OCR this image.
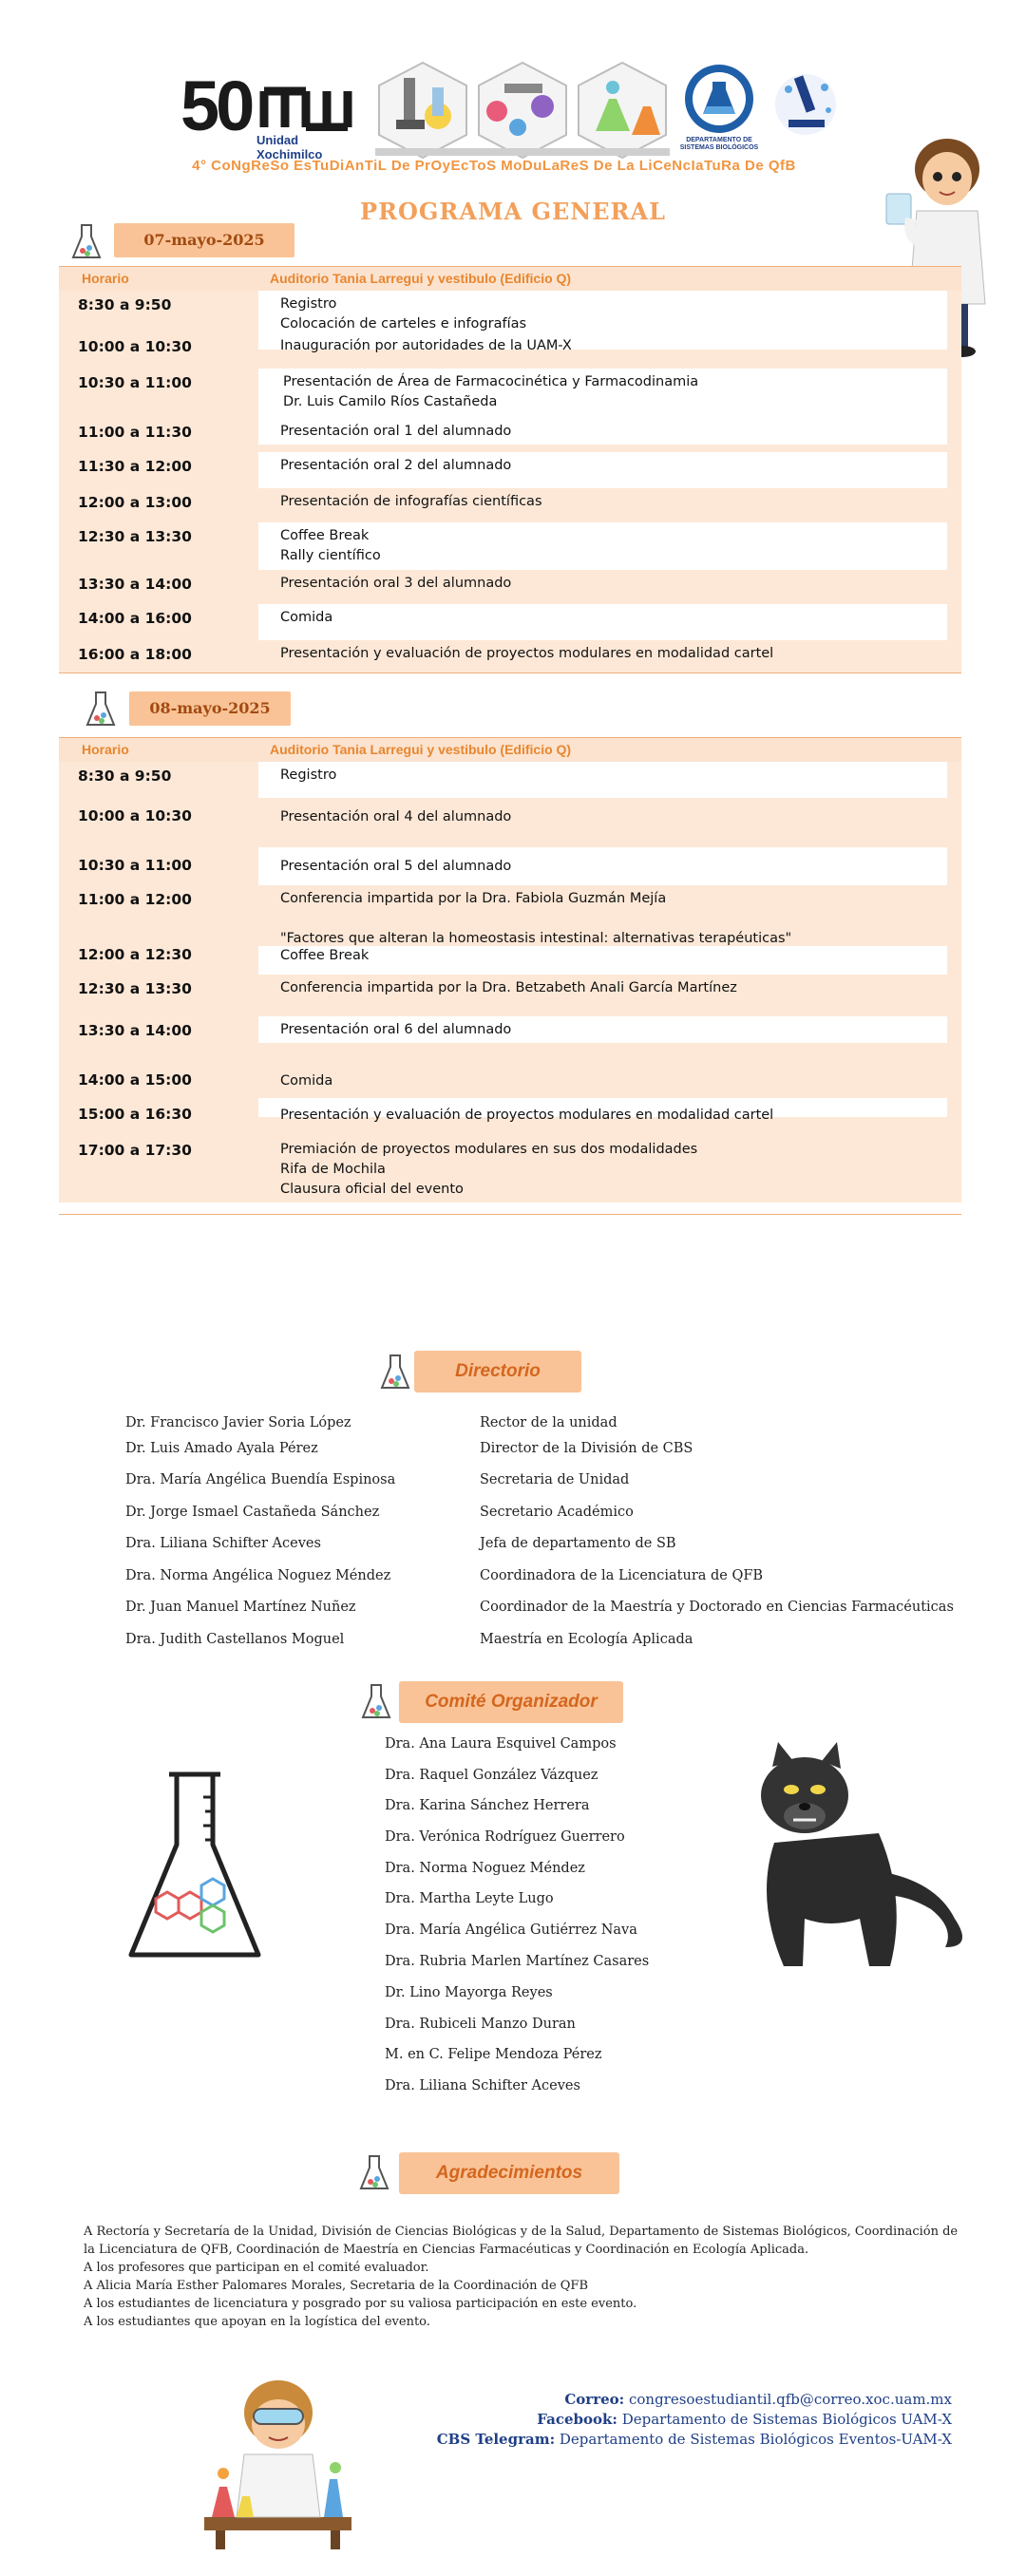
50 Unidad Xochimilco
DEPARTAMENTO DE SISTEMAS BIOLÓGICOS
4° CoNgReSo EsTuDiAnTiL De PrOyEcToS MoDuLaReS De La LiCeNcIaTuRa De QfB
PROGRAMA GENERAL
07-mayo-2025
Horario	Auditorio Tania Larregui y vestibulo (Edificio Q)
8:30 a 9:50	Registro
Colocación de carteles e infografías
10:00 a 10:30	Inauguración por autoridades de la UAM-X
10:30 a 11:00	Presentación de Área de Farmacocinética y Farmacodinamia
Dr. Luis Camilo Ríos Castañeda
11:00 a 11:30	Presentación oral 1 del alumnado
11:30 a 12:00	Presentación oral 2 del alumnado
12:00 a 13:00	Presentación de infografías científicas
12:30 a 13:30	Coffee Break
Rally científico
13:30 a 14:00	Presentación oral 3 del alumnado
14:00 a 16:00	Comida
16:00 a 18:00	Presentación y evaluación de proyectos modulares en modalidad cartel
08-mayo-2025
Horario	Auditorio Tania Larregui y vestibulo (Edificio Q)
8:30 a 9:50	Registro
10:00 a 10:30	Presentación oral 4 del alumnado
10:30 a 11:00	Presentación oral 5 del alumnado
11:00 a 12:00	Conferencia impartida por la Dra. Fabiola Guzmán Mejía

"Factores que alteran la homeostasis intestinal: alternativas terapéuticas"
12:00 a 12:30	Coffee Break
12:30 a 13:30	Conferencia impartida por la Dra. Betzabeth Anali García Martínez
13:30 a 14:00	Presentación oral 6 del alumnado
14:00 a 15:00	Comida
15:00 a 16:30	Presentación y evaluación de proyectos modulares en modalidad cartel
17:00 a 17:30	Premiación de proyectos modulares en sus dos modalidades
Rifa de Mochila
Clausura oficial del evento
Directorio
Dr. Francisco Javier Soria López	Rector de la unidad
Dr. Luis Amado Ayala Pérez	Director de la División de CBS
Dra. María Angélica Buendía Espinosa	Secretaria de Unidad
Dr. Jorge Ismael Castañeda Sánchez	Secretario Académico
Dra. Liliana Schifter Aceves	Jefa de departamento de SB
Dra. Norma Angélica Noguez Méndez	Coordinadora de la Licenciatura de QFB
Dr. Juan Manuel Martínez Nuñez	Coordinador de la Maestría y Doctorado en Ciencias Farmacéuticas
Dra. Judith Castellanos Moguel	Maestría en Ecología Aplicada
Comité Organizador
Dra. Ana Laura Esquivel Campos
Dra. Raquel González Vázquez
Dra. Karina Sánchez Herrera
Dra. Verónica Rodríguez Guerrero
Dra. Norma Noguez Méndez
Dra. Martha Leyte Lugo
Dra. María Angélica Gutiérrez Nava
Dra. Rubria Marlen Martínez Casares
Dr. Lino Mayorga Reyes
Dra. Rubiceli Manzo Duran
M. en C. Felipe Mendoza Pérez
Dra. Liliana Schifter Aceves
Agradecimientos
A Rectoría y Secretaría de la Unidad, División de Ciencias Biológicas y de la Salud, Departamento de Sistemas Biológicos, Coordinación de la Licenciatura de QFB, Coordinación de Maestría en Ciencias Farmacéuticas y Coordinación en Ecología Aplicada.
A los profesores que participan en el comité evaluador.
A Alicia María Esther Palomares Morales, Secretaria de la Coordinación de QFB
A los estudiantes de licenciatura y posgrado por su valiosa participación en este evento.
A los estudiantes que apoyan en la logística del evento.
Correo: congresoestudiantil.qfb@correo.xoc.uam.mx
Facebook: Departamento de Sistemas Biológicos UAM-X
CBS Telegram: Departamento de Sistemas Biológicos Eventos-UAM-X
